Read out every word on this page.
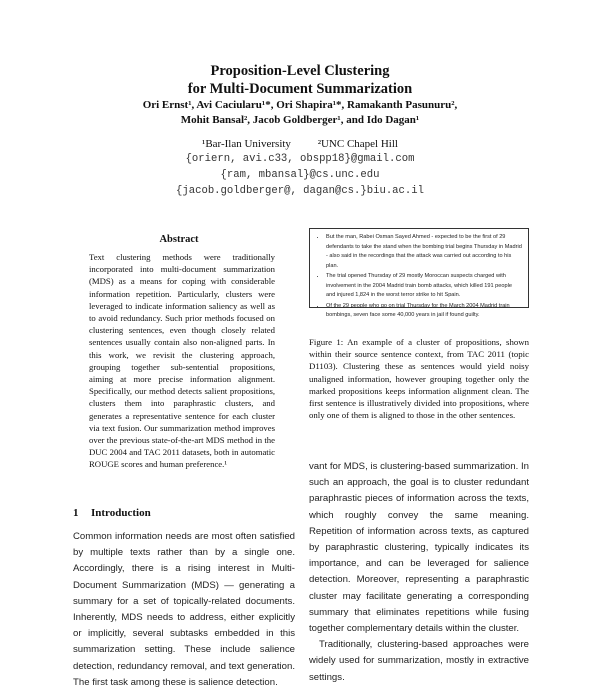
Proposition-Level Clustering
for Multi-Document Summarization
Ori Ernst¹, Avi Caciularu¹*, Ori Shapira¹*, Ramakanth Pasunuru²,
Mohit Bansal², Jacob Goldberger¹, and Ido Dagan¹
¹Bar-Ilan University ²UNC Chapel Hill
{oriern, avi.c33, obspp18}@gmail.com
{ram, mbansal}@cs.unc.edu
{jacob.goldberger@, dagan@cs.}biu.ac.il
Abstract
Text clustering methods were traditionally incorporated into multi-document summarization (MDS) as a means for coping with considerable information repetition. Particularly, clusters were leveraged to indicate information saliency as well as to avoid redundancy. Such prior methods focused on clustering sentences, even though closely related sentences usually contain also non-aligned parts. In this work, we revisit the clustering approach, grouping together sub-sentential propositions, aiming at more precise information alignment. Specifically, our method detects salient propositions, clusters them into paraphrastic clusters, and generates a representative sentence for each cluster via text fusion. Our summarization method improves over the previous state-of-the-art MDS method in the DUC 2004 and TAC 2011 datasets, both in automatic ROUGE scores and human preference.¹
1 Introduction
Common information needs are most often satisfied by multiple texts rather than by a single one. Accordingly, there is a rising interest in Multi-Document Summarization (MDS) — generating a summary for a set of topically-related documents. Inherently, MDS needs to address, either explicitly or implicitly, several subtasks embedded in this summarization setting. These include salience detection, redundancy removal, and text generation. The first task among these is salience detection.
• But the man, Rabei Osman Sayed Ahmed - expected to be the first of 29 defendants to take the stand when the bombing trial begins Thursday in Madrid - also said in the recordings that the attack was carried out according to his plan.
• The trial opened Thursday of 29 mostly Moroccan suspects charged with involvement in the 2004 Madrid train bomb attacks, which killed 191 people and injured 1,824 in the worst terror strike to hit Spain.
• Of the 29 people who go on trial Thursday for the March 2004 Madrid train bombings, seven face some 40,000 years in jail if found guilty.
Figure 1: An example of a cluster of propositions, shown within their source sentence context, from TAC 2011 (topic D1103). Clustering these as sentences would yield noisy unaligned information, however grouping together only the marked propositions keeps information alignment clean. The first sentence is illustratively divided into propositions, where only one of them is aligned to those in the other sentences.

vant for MDS, is clustering-based summarization. In such an approach, the goal is to cluster redundant paraphrastic pieces of information across the texts, which roughly convey the same meaning. Repetition of information across texts, as captured by paraphrastic clustering, typically indicates its importance, and can be leveraged for salience detection. Moreover, representing a paraphrastic cluster may facilitate generating a corresponding summary that eliminates repetitions while fusing together complementary details within the cluster.

Traditionally, clustering-based approaches were widely used for summarization, mostly in extractive settings.
